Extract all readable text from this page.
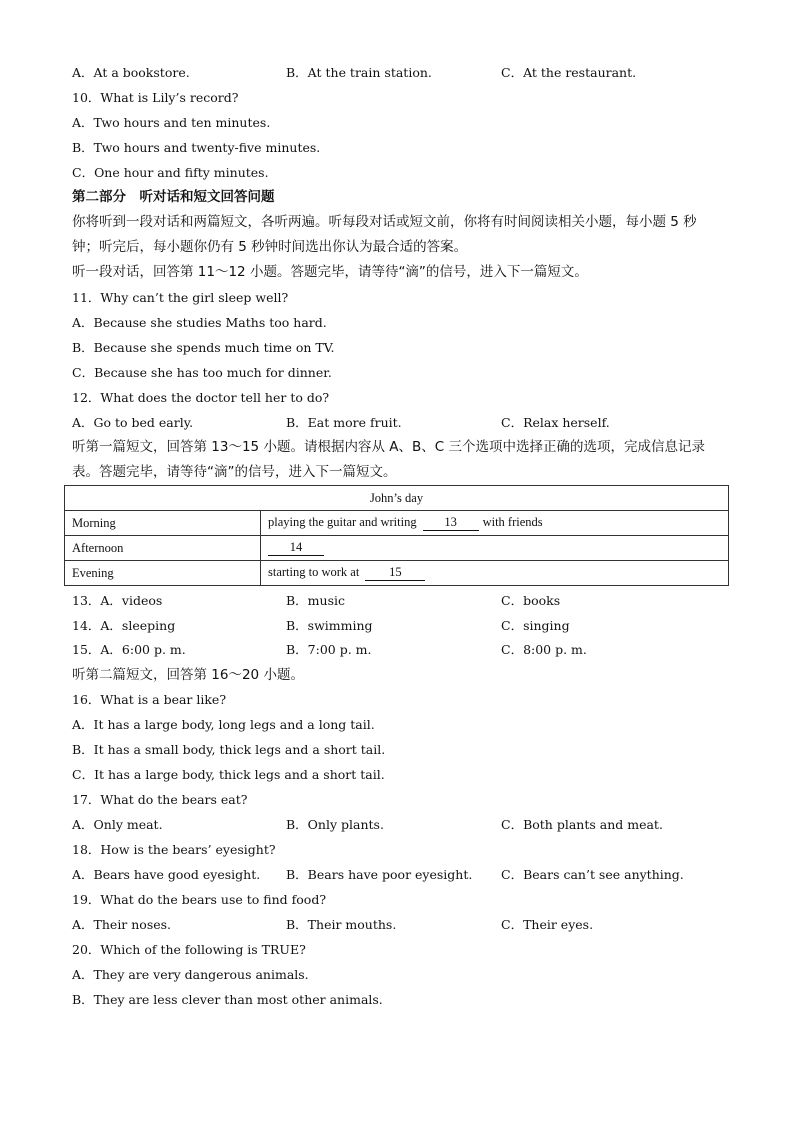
A．At a bookstore.	B．At the train station.	C．At the restaurant.
10．What is Lily’s record?
A．Two hours and ten minutes.
B．Two hours and twenty-five minutes.
C．One hour and fifty minutes.
第二部分　听对话和短文回答问题
你将听到一段对话和两篇短文，各听两遍。听每段对话或短文前，你将有时间阅读相关小题，每小题 5 秒
钟；听完后，每小题你仍有 5 秒钟时间选出你认为最合适的答案。
听一段对话，回答第 11～12 小题。答题完毕，请等待“滴”的信号，进入下一篇短文。
11．Why can’t the girl sleep well?
A．Because she studies Maths too hard.
B．Because she spends much time on TV.
C．Because she has too much for dinner.
12．What does the doctor tell her to do?
A．Go to bed early.	B．Eat more fruit.	C．Relax herself.
听第一篇短文，回答第 13～15 小题。请根据内容从 A、B、C 三个选项中选择正确的选项，完成信息记录
表。答题完毕，请等待“滴”的信号，进入下一篇短文。
John’s day	
Morning	playing the guitar and writing 13 with friends
Afternoon	14
Evening	starting to work at 15
13．A．videos	B．music	C．books
14．A．sleeping	B．swimming	C．singing
15．A．6:00 p. m.	B．7:00 p. m.	C．8:00 p. m.
听第二篇短文，回答第 16～20 小题。
16．What is a bear like?
A．It has a large body, long legs and a long tail.
B．It has a small body, thick legs and a short tail.
C．It has a large body, thick legs and a short tail.
17．What do the bears eat?
A．Only meat.	B．Only plants.	C．Both plants and meat.
18．How is the bears’ eyesight?
A．Bears have good eyesight. B．Bears have poor eyesight. C．Bears can’t see anything.
19．What do the bears use to find food?
A．Their noses.	B．Their mouths.	C．Their eyes.
20．Which of the following is TRUE?
A．They are very dangerous animals.
B．They are less clever than most other animals.
